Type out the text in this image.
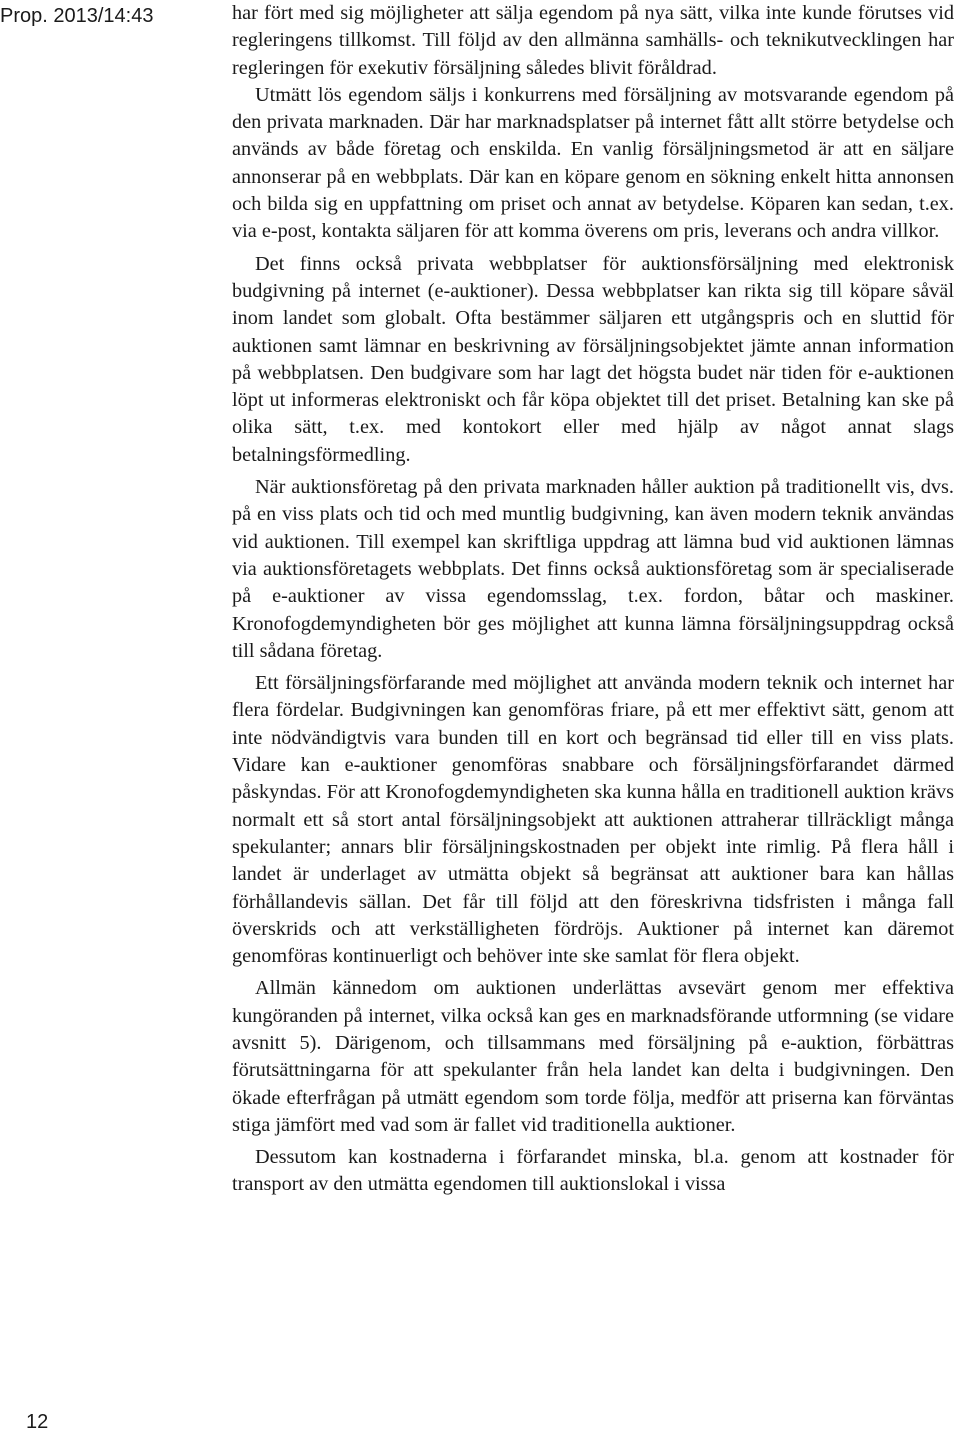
Prop. 2013/14:43	har fört med sig möjligheter att sälja egendom på nya sätt, vilka inte kunde förutses vid regleringens tillkomst. Till följd av den allmänna samhälls- och teknikutvecklingen har regleringen för exekutiv försäljning således blivit föråldrad.

Utmätt lös egendom säljs i konkurrens med försäljning av motsvarande egendom på den privata marknaden. Där har marknadsplatser på internet fått allt större betydelse och används av både företag och enskilda. En vanlig försäljningsmetod är att en säljare annonserar på en webbplats. Där kan en köpare genom en sökning enkelt hitta annonsen och bilda sig en uppfattning om priset och annat av betydelse. Köparen kan sedan, t.ex. via e-post, kontakta säljaren för att komma överens om pris, leverans och andra villkor.

Det finns också privata webbplatser för auktionsförsäljning med elektronisk budgivning på internet (e-auktioner). Dessa webbplatser kan rikta sig till köpare såväl inom landet som globalt. Ofta bestämmer säljaren ett utgångspris och en sluttid för auktionen samt lämnar en beskrivning av försäljningsobjektet jämte annan information på webbplatsen. Den budgivare som har lagt det högsta budet när tiden för e-auktionen löpt ut informeras elektroniskt och får köpa objektet till det priset. Betalning kan ske på olika sätt, t.ex. med kontokort eller med hjälp av något annat slags betalningsförmedling.

När auktionsföretag på den privata marknaden håller auktion på traditionellt vis, dvs. på en viss plats och tid och med muntlig budgivning, kan även modern teknik användas vid auktionen. Till exempel kan skriftliga uppdrag att lämna bud vid auktionen lämnas via auktionsföretagets webbplats. Det finns också auktionsföretag som är specialiserade på e-auktioner av vissa egendomsslag, t.ex. fordon, båtar och maskiner. Kronofogdemyndigheten bör ges möjlighet att kunna lämna försäljningsuppdrag också till sådana företag.

Ett försäljningsförfarande med möjlighet att använda modern teknik och internet har flera fördelar. Budgivningen kan genomföras friare, på ett mer effektivt sätt, genom att inte nödvändigtvis vara bunden till en kort och begränsad tid eller till en viss plats. Vidare kan e-auktioner genomföras snabbare och försäljningsförfarandet därmed påskyndas. För att Kronofogdemyndigheten ska kunna hålla en traditionell auktion krävs normalt ett så stort antal försäljningsobjekt att auktionen attraherar tillräckligt många spekulanter; annars blir försäljningskostnaden per objekt inte rimlig. På flera håll i landet är underlaget av utmätta objekt så begränsat att auktioner bara kan hållas förhållandevis sällan. Det får till följd att den föreskrivna tidsfristen i många fall överskrids och att verkställigheten fördröjs. Auktioner på internet kan däremot genomföras kontinuerligt och behöver inte ske samlat för flera objekt.

Allmän kännedom om auktionen underlättas avsevärt genom mer effektiva kungöranden på internet, vilka också kan ges en marknadsförande utformning (se vidare avsnitt 5). Därigenom, och tillsammans med försäljning på e-auktion, förbättras förutsättningarna för att spekulanter från hela landet kan delta i budgivningen. Den ökade efterfrågan på utmätt egendom som torde följa, medför att priserna kan förväntas stiga jämfört med vad som är fallet vid traditionella auktioner.

Dessutom kan kostnaderna i förfarandet minska, bl.a. genom att kostnader för transport av den utmätta egendomen till auktionslokal i vissa

12
